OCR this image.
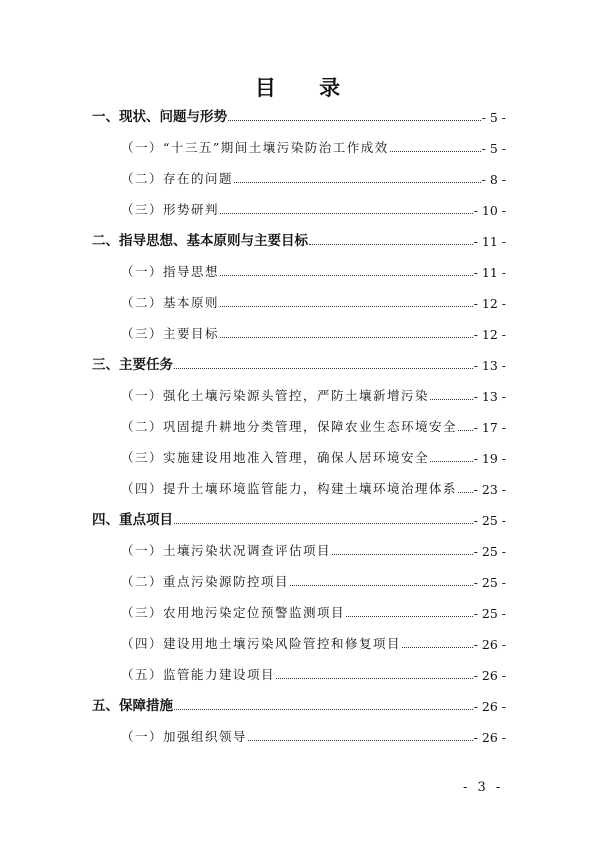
目 录
一、现状、问题与形势	- 5 -
（一）“十三五”期间土壤污染防治工作成效	- 5 -
（二）存在的问题	- 8 -
（三）形势研判	- 10 -
二、指导思想、基本原则与主要目标	- 11 -
（一）指导思想	- 11 -
（二）基本原则	- 12 -
（三）主要目标	- 12 -
三、主要任务	- 13 -
（一）强化土壤污染源头管控，严防土壤新增污染	- 13 -
（二）巩固提升耕地分类管理，保障农业生态环境安全 - 17 -
（三）实施建设用地准入管理，确保人居环境安全	- 19 -
（四）提升土壤环境监管能力，构建土壤环境治理体系 - 23 -
四、重点项目	- 25 -
（一）土壤污染状况调查评估项目	- 25 -
（二）重点污染源防控项目	- 25 -
（三）农用地污染定位预警监测项目	- 25 -
（四）建设用地土壤污染风险管控和修复项目	- 26 -
（五）监管能力建设项目	- 26 -
五、保障措施	- 26 -
（一）加强组织领导	- 26 -
- 3 -
